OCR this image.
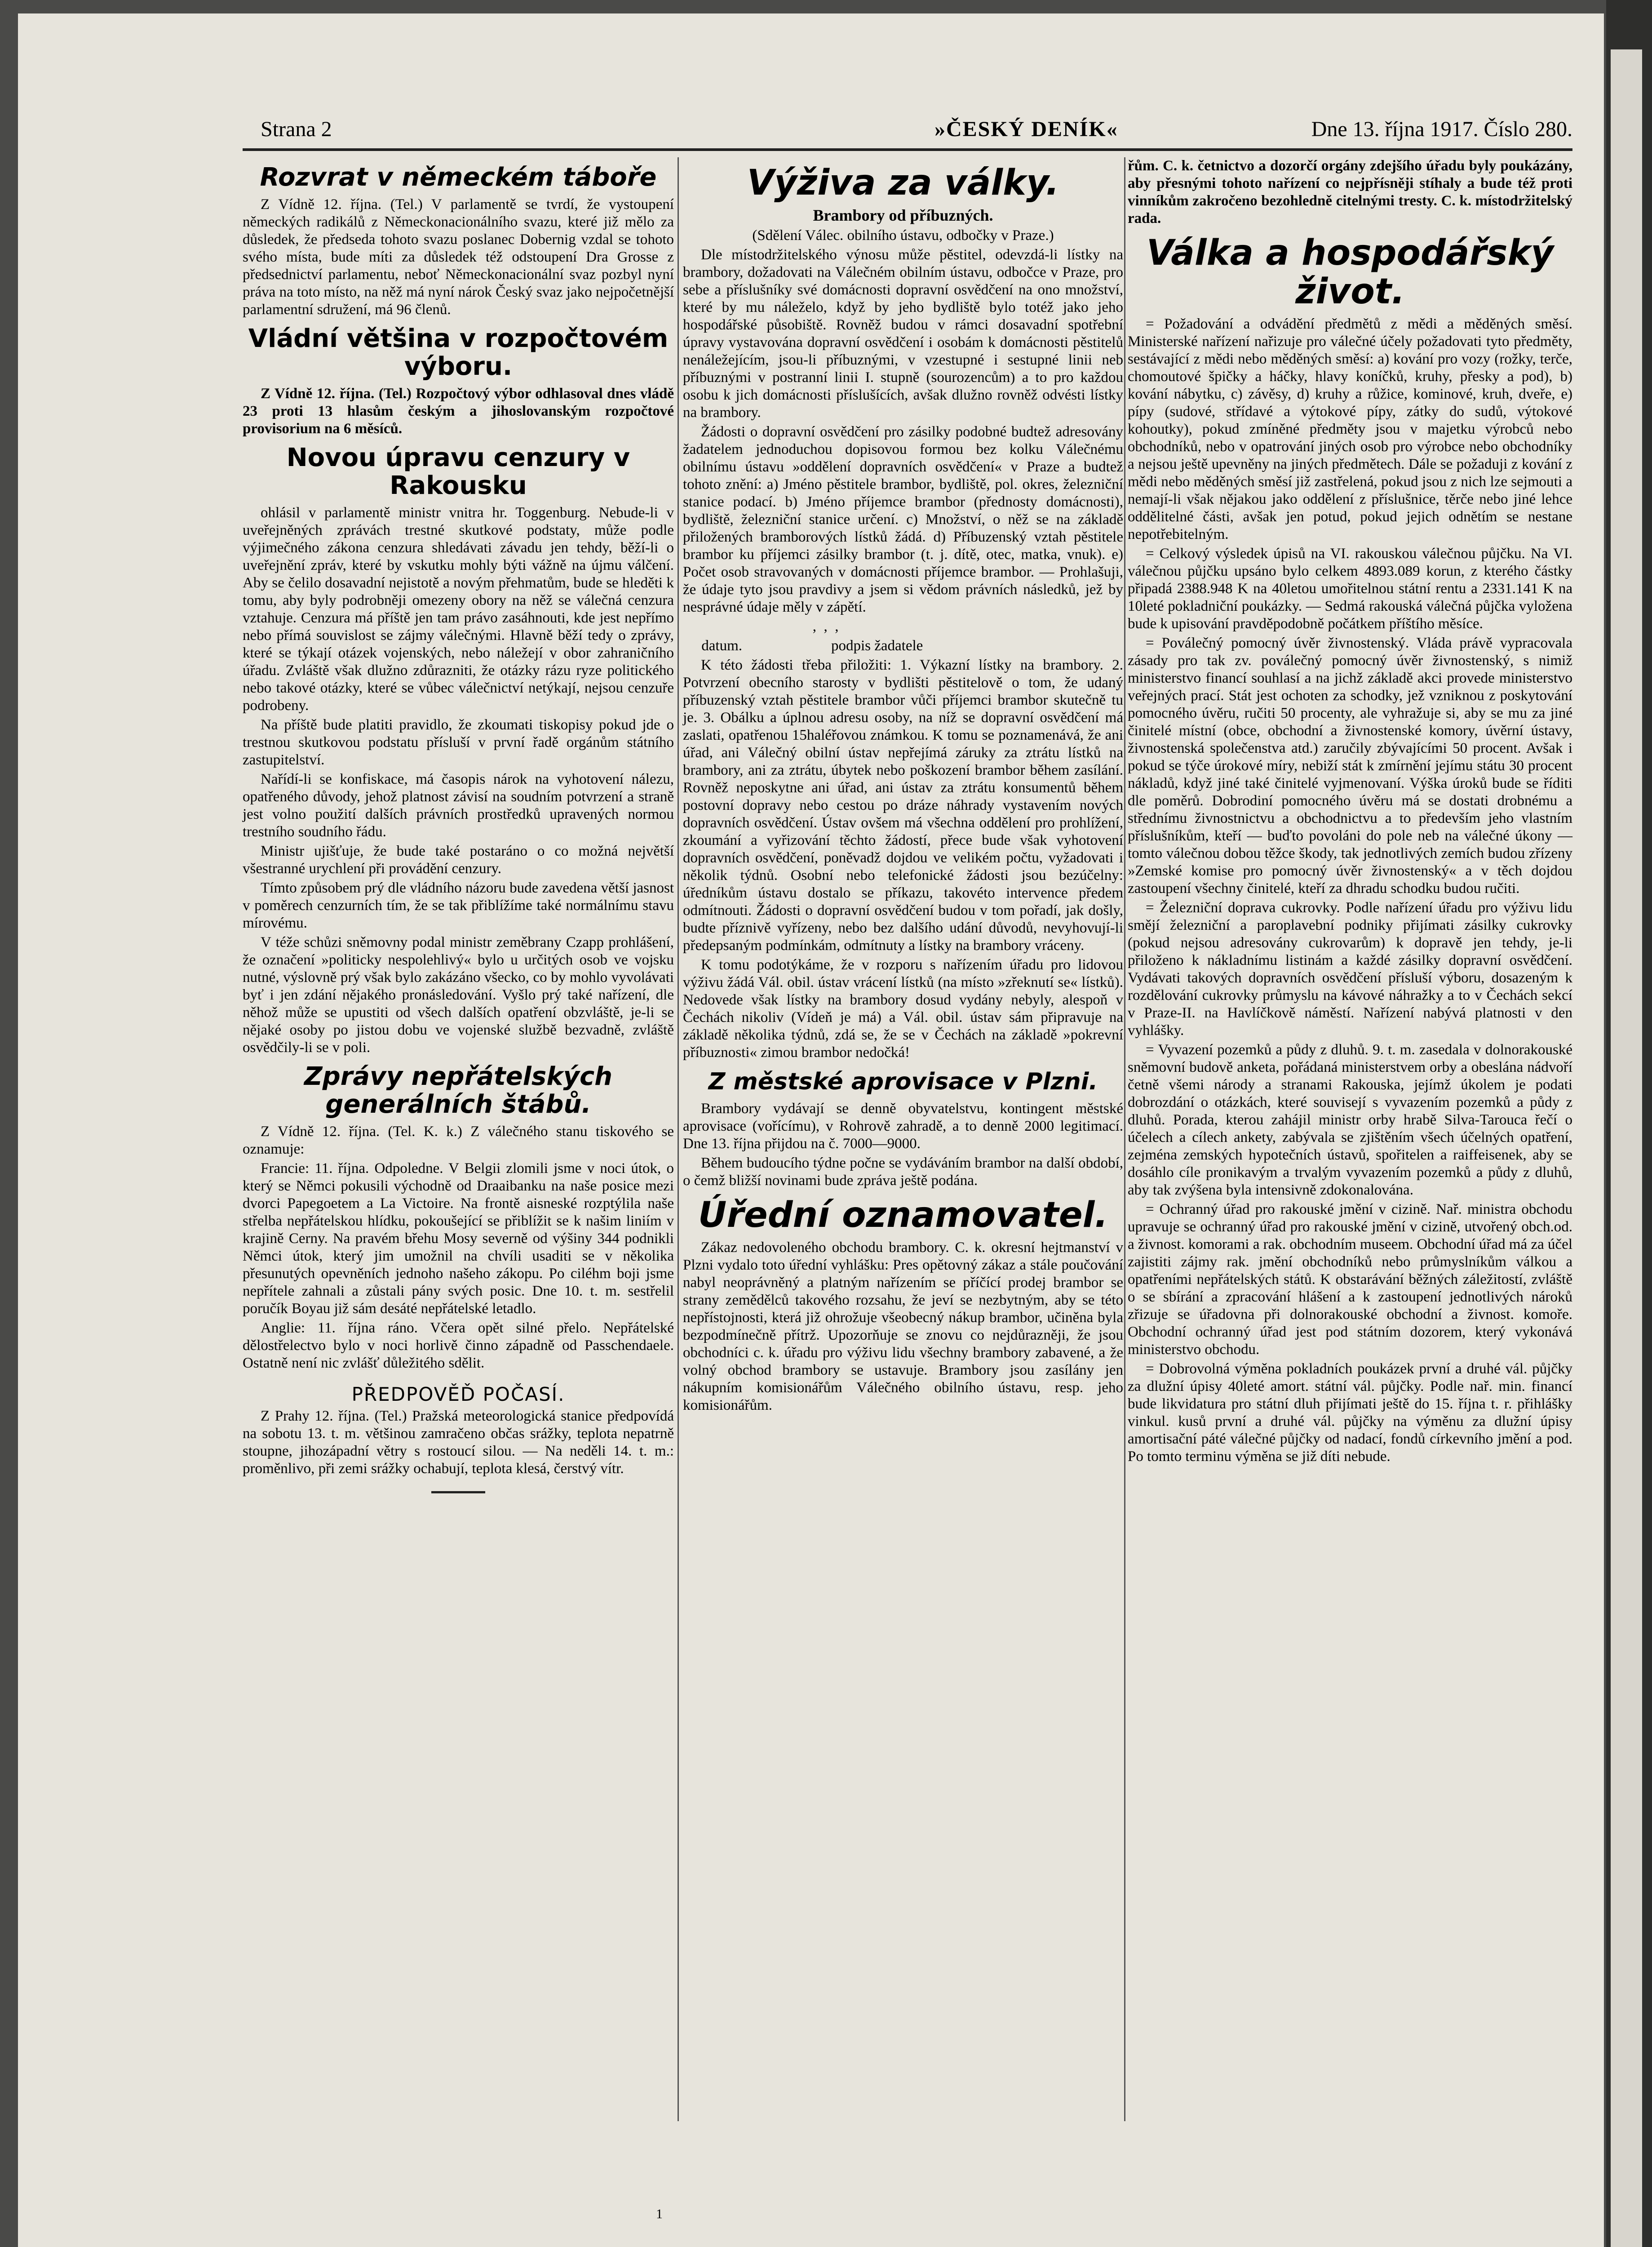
Strana 2	»ČESKÝ DENÍK«	Dne 13. října 1917. Číslo 280.
Rozvrat v německém táboře

Z Vídně 12. října. (Tel.) V parlamentě se tvrdí, že vystoupení německých radikálů z Německonacionálního svazu, které již mělo za důsledek, že předseda tohoto svazu poslanec Dobernig vzdal se tohoto svého místa, bude míti za důsledek též odstoupení Dra Grosse z předsednictví parlamentu, neboť Německonacionální svaz pozbyl nyní práva na toto místo, na něž má nyní nárok Český svaz jako nejpočetnější parlamentní sdružení, má 96 členů.

Vládní většina v rozpočtovém výboru.

Z Vídně 12. října. (Tel.) Rozpočtový výbor odhlasoval dnes vládě 23 proti 13 hlasům českým a jihoslovanským rozpočtové provisorium na 6 měsíců.

Novou úpravu cenzury v Rakousku

ohlásil v parlamentě ministr vnitra hr. Toggenburg. Nebude-li v uveřejněných zprávách trestné skutkové podstaty, může podle výjimečného zákona cenzura shledávati závadu jen tehdy, běží-li o uveřejnění zpráv, které by vskutku mohly býti vážně na újmu válčení. Aby se čelilo dosavadní nejistotě a novým přehmatům, bude se hleděti k tomu, aby byly podrobněji omezeny obory na něž se válečná cenzura vztahuje. Cenzura má příště jen tam právo zasáhnouti, kde jest nepřímo nebo přímá souvislost se zájmy válečnými. Hlavně běží tedy o zprávy, které se týkají otázek vojenských, nebo náležejí v obor zahraničního úřadu. Zvláště však dlužno zdůrazniti, že otázky rázu ryze politického nebo takové otázky, které se vůbec válečnictví netýkají, nejsou cenzuře podrobeny.

Na příště bude platiti pravidlo, že zkoumati tiskopisy pokud jde o trestnou skutkovou podstatu přísluší v první řadě orgánům státního zastupitelství.

Nařídí-li se konfiskace, má časopis nárok na vyhotovení nálezu, opatřeného důvody, jehož platnost závisí na soudním potvrzení a straně jest volno použití dalších právních prostředků upravených normou trestního soudního řádu.

Ministr ujišťuje, že bude také postaráno o co možná největší všestranné urychlení při provádění cenzury.

Tímto způsobem prý dle vládního názoru bude zavedena větší jasnost v poměrech cenzurních tím, že se tak přiblížíme také normálnímu stavu mírovému.

V téže schůzi sněmovny podal ministr zeměbrany Czapp prohlášení, že označení »politicky nespolehlivý« bylo u určitých osob ve vojsku nutné, výslovně prý však bylo zakázáno všecko, co by mohlo vyvolávati byť i jen zdání nějakého pronásledování. Vyšlo prý také nařízení, dle něhož může se upustiti od všech dalších opatření obzvláště, je-li se nějaké osoby po jistou dobu ve vojenské službě bezvadně, zvláště osvědčily-li se v poli.

Zprávy nepřátelských generálních štábů.

Z Vídně 12. října. (Tel. K. k.) Z válečného stanu tiskového se oznamuje:

Francie: 11. října. Odpoledne. V Belgii zlomili jsme v noci útok, o který se Němci pokusili východně od Draaibanku na naše posice mezi dvorci Papegoetem a La Victoire. Na frontě aisneské rozptýlila naše střelba nepřátelskou hlídku, pokoušející se přiblížit se k našim liniím v krajině Cerny. Na pravém břehu Mosy severně od výšiny 344 podnikli Němci útok, který jim umožnil na chvíli usaditi se v několika přesunutých opevněních jednoho našeho zákopu. Po ciléhm boji jsme nepřítele zahnali a zůstali pány svých posic. Dne 10. t. m. sestřelil poručík Boyau již sám desáté nepřátelské letadlo.

Anglie: 11. října ráno. Včera opět silné přelo. Nepřátelské dělostřelectvo bylo v noci horlivě činno západně od Passchendaele. Ostatně není nic zvlášť důležitého sdělit.

PŘEDPOVĚĎ POČASÍ.

Z Prahy 12. října. (Tel.) Pražská meteorologická stanice předpovídá na sobotu 13. t. m. většinou zamračeno občas srážky, teplota nepatrně stoupne, jihozápadní větry s rostoucí silou. — Na neděli 14. t. m.: proměnlivo, při zemi srážky ochabují, teplota klesá, čerstvý vítr.

Výživa za války.
Brambory od příbuzných.

(Sdělení Válec. obilního ústavu, odbočky v Praze.)

Dle místodržitelského výnosu může pěstitel, odevzdá-li lístky na brambory, dožadovati na Válečném obilním ústavu, odbočce v Praze, pro sebe a příslušníky své domácnosti dopravní osvědčení na ono množství, které by mu náleželo, když by jeho bydliště bylo totéž jako jeho hospodářské působiště. Rovněž budou v rámci dosavadní spotřební úpravy vystavována dopravní osvědčení i osobám k domácnosti pěstitelů nenáležejícím, jsou-li příbuznými, v vzestupné i sestupné linii neb příbuznými v postranní linii I. stupně (sourozencům) a to pro každou osobu k jich domácnosti příslušících, avšak dlužno rovněž odvésti lístky na brambory.

Žádosti o dopravní osvědčení pro zásilky podobné budtež adresovány žadatelem jednoduchou dopisovou formou bez kolku Válečnému obilnímu ústavu »oddělení dopravních osvědčení« v Praze a budtež tohoto znění: a) Jméno pěstitele brambor, bydliště, pol. okres, železniční stanice podací. b) Jméno příjemce brambor (přednosty domácnosti), bydliště, železniční stanice určení. c) Množství, o něž se na základě přiložených bramborových lístků žádá. d) Příbuzenský vztah pěstitele brambor ku příjemci zásilky brambor (t. j. dítě, otec, matka, vnuk). e) Počet osob stravovaných v domácnosti příjemce brambor. — Prohlašuji, že údaje tyto jsou pravdivy a jsem si vědom právních následků, jež by nesprávné údaje měly v zápětí.

,  ,  ,

datum.                        podpis žadatele

K této žádosti třeba přiložiti: 1. Výkazní lístky na brambory. 2. Potvrzení obecního starosty v bydlišti pěstitelově o tom, že udaný příbuzenský vztah pěstitele brambor vůči příjemci brambor skutečně tu je. 3. Obálku a úplnou adresu osoby, na níž se dopravní osvědčení má zaslati, opatřenou 15haléřovou známkou. K tomu se poznamenává, že ani úřad, ani Válečný obilní ústav nepřejímá záruky za ztrátu lístků na brambory, ani za ztrátu, úbytek nebo poškození brambor během zasílání. Rovněž neposkytne ani úřad, ani ústav za ztrátu konsumentů během postovní dopravy nebo cestou po dráze náhrady vystavením nových dopravních osvědčení. Ústav ovšem má všechna oddělení pro prohlížení, zkoumání a vyřizování těchto žádostí, přece bude však vyhotovení dopravních osvědčení, poněvadž dojdou ve velikém počtu, vyžadovati i několik týdnů. Osobní nebo telefonické žádosti jsou bezúčelny: úředníkům ústavu dostalo se příkazu, takovéto intervence předem odmítnouti. Žádosti o dopravní osvědčení budou v tom pořadí, jak došly, budte příznivě vyřízeny, nebo bez dalšího udání důvodů, nevyhovují-li předepsaným podmínkám, odmítnuty a lístky na brambory vráceny.

K tomu podotýkáme, že v rozporu s nařízením úřadu pro lidovou výživu žádá Vál. obil. ústav vrácení lístků (na místo »zřeknutí se« lístků). Nedovede však lístky na brambory dosud vydány nebyly, alespoň v Čechách nikoliv (Vídeň je má) a Vál. obil. ústav sám připravuje na základě několika týdnů, zdá se, že se v Čechách na základě »pokrevní příbuznosti« zimou brambor nedočká!

Z městské aprovisace v Plzni.

Brambory vydávají se denně obyvatelstvu, kontingent městské aprovisace (vořícímu), v Rohrově zahradě, a to denně 2000 legitimací. Dne 13. října přijdou na č. 7000—9000.

Během budoucího týdne počne se vydáváním brambor na další období, o čemž bližší novinami bude zpráva ještě podána.

Úřední oznamovatel.

Zákaz nedovoleného obchodu brambory. C. k. okresní hejtmanství v Plzni vydalo toto úřední vyhlášku: Pres opětovný zákaz a stále poučování nabyl neoprávněný a platným nařízením se příčící prodej brambor se strany zemědělců takového rozsahu, že jeví se nezbytným, aby se této nepřístojnosti, která již ohrožuje všeobecný nákup brambor, učiněna byla bezpodmínečně přítrž. Upozorňuje se znovu co nejdůrazněji, že jsou obchodníci c. k. úřadu pro výživu lidu všechny brambory zabavené, a že volný obchod brambory se ustavuje. Brambory jsou zasílány jen nákupním komisionářům Válečného obilního ústavu, resp. jeho komisionářům.

řům. C. k. četnictvo a dozorčí orgány zdejšího úřadu byly poukázány, aby přesnými tohoto nařízení co nejpřísněji stíhaly a bude též proti vinníkům zakročeno bezohledně citelnými tresty. C. k. místodržitelský rada.

Válka a hospodářský život.

= Požadování a odvádění předmětů z mědi a měděných směsí. Ministerské nařízení nařizuje pro válečné účely požadovati tyto předměty, sestávající z mědi nebo měděných směsí: a) kování pro vozy (rožky, terče, chomoutové špičky a háčky, hlavy koníčků, kruhy, přesky a pod), b) kování nábytku, c) závěsy, d) kruhy a růžice, kominové, kruh, dveře, e) pípy (sudové, střídavé a výtokové pípy, zátky do sudů, výtokové kohoutky), pokud zmíněné předměty jsou v majetku výrobců nebo obchodníků, nebo v opatrování jiných osob pro výrobce nebo obchodníky a nejsou ještě upevněny na jiných předmětech. Dále se požaduji z kování z mědi nebo měděných směsí již zastřelená, pokud jsou z nich lze sejmouti a nemají-li však nějakou jako oddělení z příslušnice, těrče nebo jiné lehce oddělitelné části, avšak jen potud, pokud jejich odnětím se nestane nepotřebitelným.

= Celkový výsledek úpisů na VI. rakouskou válečnou půjčku. Na VI. válečnou půjčku upsáno bylo celkem 4893.089 korun, z kterého částky připadá 2388.948 K na 40letou umořitelnou státní rentu a 2331.141 K na 10leté pokladniční poukázky. — Sedmá rakouská válečná půjčka vyložena bude k upisování pravděpodobně počátkem příštího měsíce.

= Poválečný pomocný úvěr živnostenský. Vláda právě vypracovala zásady pro tak zv. poválečný pomocný úvěr živnostenský, s nimiž ministerstvo financí souhlasí a na jichž základě akci provede ministerstvo veřejných prací. Stát jest ochoten za schodky, jež vzniknou z poskytování pomocného úvěru, ručiti 50 procenty, ale vyhražuje si, aby se mu za jiné činitelé místní (obce, obchodní a živnostenské komory, úvěrní ústavy, živnostenská společenstva atd.) zaručily zbývajícími 50 procent. Avšak i pokud se týče úrokové míry, nebiží stát k zmírnění jejímu státu 30 procent nákladů, když jiné také činitelé vyjmenovaní. Výška úroků bude se říditi dle poměrů. Dobrodiní pomocného úvěru má se dostati drobnému a střednímu živnostnictvu a obchodnictvu a to především jeho vlastním příslušníkům, kteří — buďto povoláni do pole neb na válečné úkony — tomto válečnou dobou těžce škody, tak jednotlivých zemích budou zřízeny »Zemské komise pro pomocný úvěr živnostenský« a v těch dojdou zastoupení všechny činitelé, kteří za dhradu schodku budou ručiti.

= Železniční doprava cukrovky. Podle nařízení úřadu pro výživu lidu smějí železniční a paroplavební podniky přijímati zásilky cukrovky (pokud nejsou adresovány cukrovarům) k dopravě jen tehdy, je-li přiloženo k nákladnímu listinám a každé zásilky dopravní osvědčení. Vydávati takových dopravních osvědčení přísluší výboru, dosazeným k rozdělování cukrovky průmyslu na kávové náhražky a to v Čechách sekcí v Praze-II. na Havlíčkově náměstí. Nařízení nabývá platnosti v den vyhlášky.

= Vyvazení pozemků a půdy z dluhů. 9. t. m. zasedala v dolnorakouské sněmovní budově anketa, pořádaná ministerstvem orby a obeslána nádvoří četně všemi národy a stranami Rakouska, jejímž úkolem je podati dobrozdání o otázkách, které souvisejí s vyvazením pozemků a půdy z dluhů. Porada, kterou zahájil ministr orby hrabě Silva-Tarouca řečí o účelech a cílech ankety, zabývala se zjištěním všech účelných opatření, zejména zemských hypotečních ústavů, spořitelen a raiffeisenek, aby se dosáhlo cíle pronikavým a trvalým vyvazením pozemků a půdy z dluhů, aby tak zvýšena byla intensivně zdokonalována.

= Ochranný úřad pro rakouské jmění v cizině. Nař. ministra obchodu upravuje se ochranný úřad pro rakouské jmění v cizině, utvořený obch.od. a živnost. komorami a rak. obchodním museem. Obchodní úřad má za účel zajistiti zájmy rak. jmění obchodníků nebo průmyslníkům válkou a opatřeními nepřátelských států. K obstarávání běžných záležitostí, zvláště o se sbírání a zpracování hlášení a k zastoupení jednotlivých nároků zřizuje se úřadovna při dolnorakouské obchodní a živnost. komoře. Obchodní ochranný úřad jest pod státním dozorem, který vykonává ministerstvo obchodu.

= Dobrovolná výměna pokladních poukázek první a druhé vál. půjčky za dlužní úpisy 40leté amort. státní vál. půjčky. Podle nař. min. financí bude likvidatura pro státní dluh přijímati ještě do 15. října t. r. přihlášky vinkul. kusů první a druhé vál. půjčky na výměnu za dlužní úpisy amortisační páté válečné půjčky od nadací, fondů církevního jmění a pod. Po tomto terminu výměna se již díti nebude.

1
